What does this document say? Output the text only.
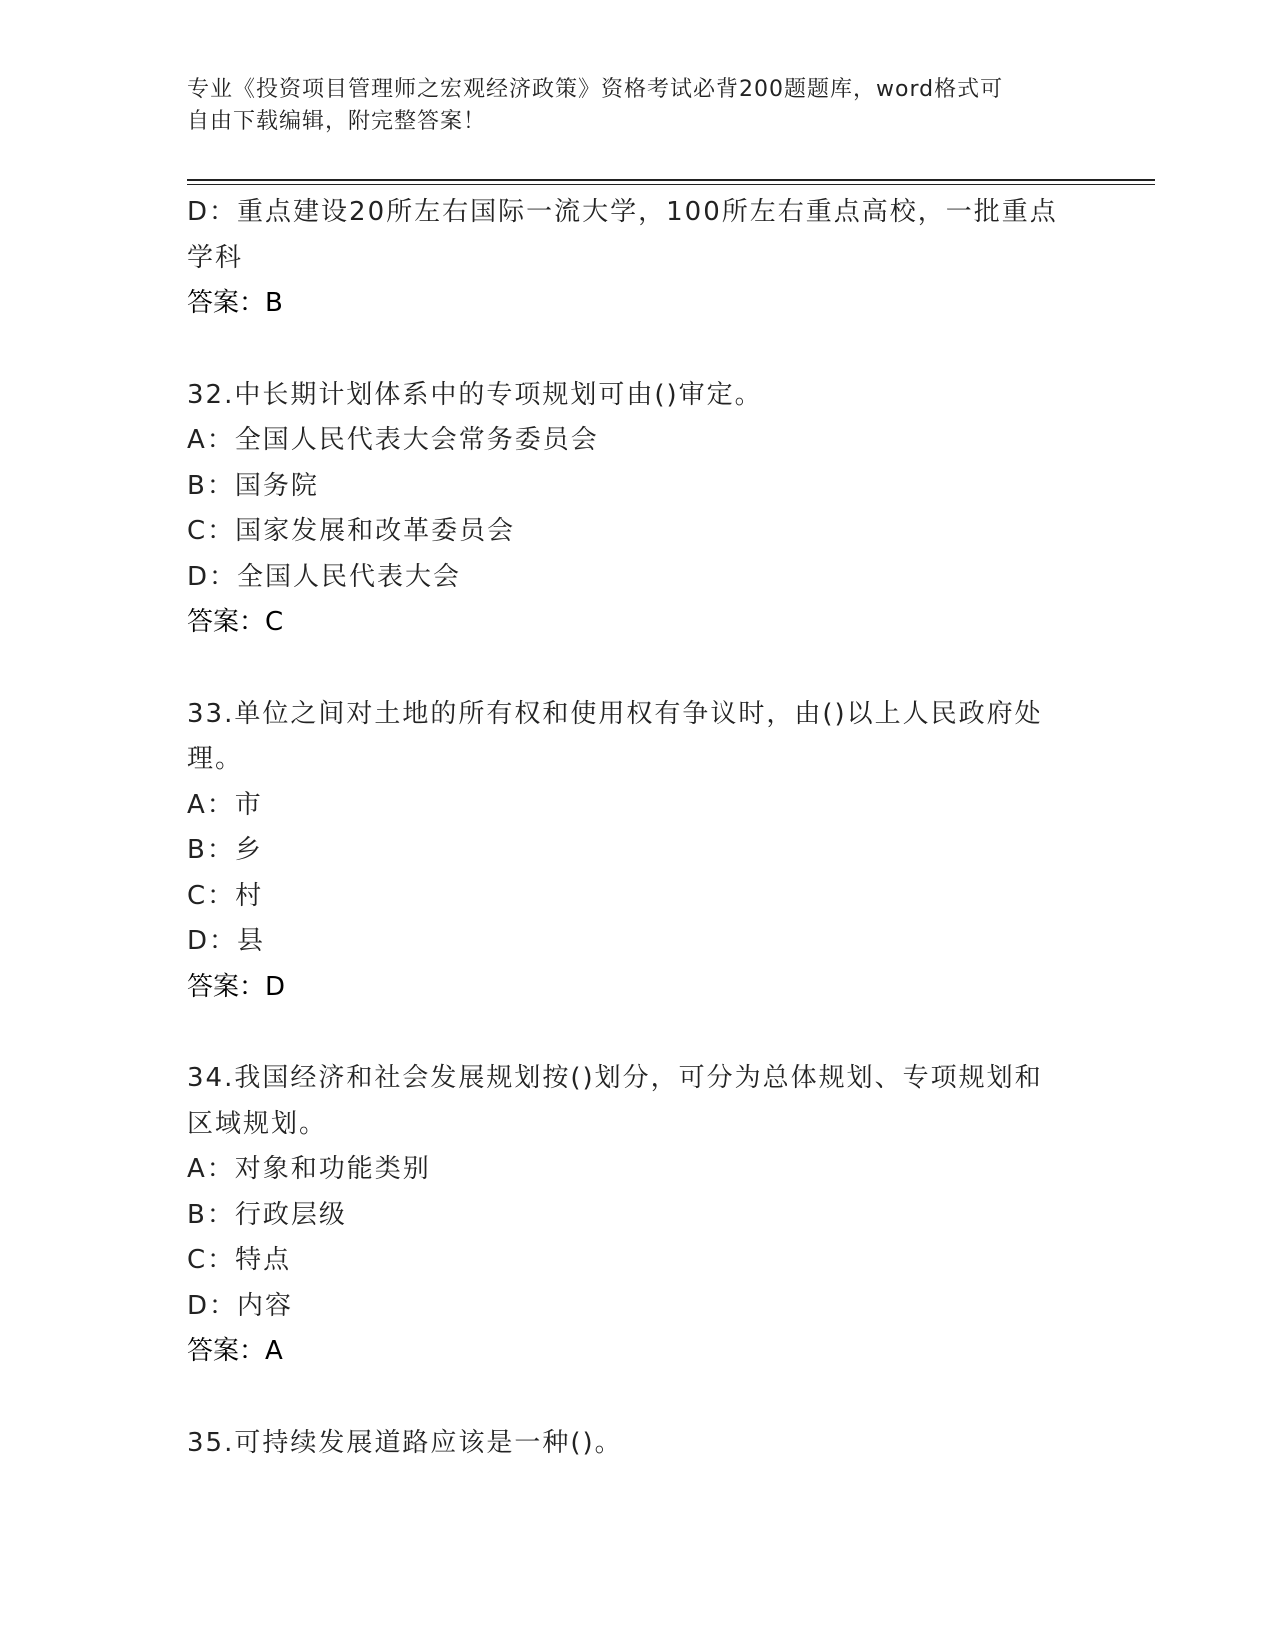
专业《投资项目管理师之宏观经济政策》资格考试必背200题题库，word格式可
自由下载编辑，附完整答案！
D：重点建设20所左右国际一流大学，100所左右重点高校，一批重点
学科
答案：B
32.中长期计划体系中的专项规划可由()审定。
A：全国人民代表大会常务委员会
B：国务院
C：国家发展和改革委员会
D：全国人民代表大会
答案：C
33.单位之间对土地的所有权和使用权有争议时，由()以上人民政府处
理。
A：市
B：乡
C：村
D：县
答案：D
34.我国经济和社会发展规划按()划分，可分为总体规划、专项规划和
区域规划。
A：对象和功能类别
B：行政层级
C：特点
D：内容
答案：A
35.可持续发展道路应该是一种()。
